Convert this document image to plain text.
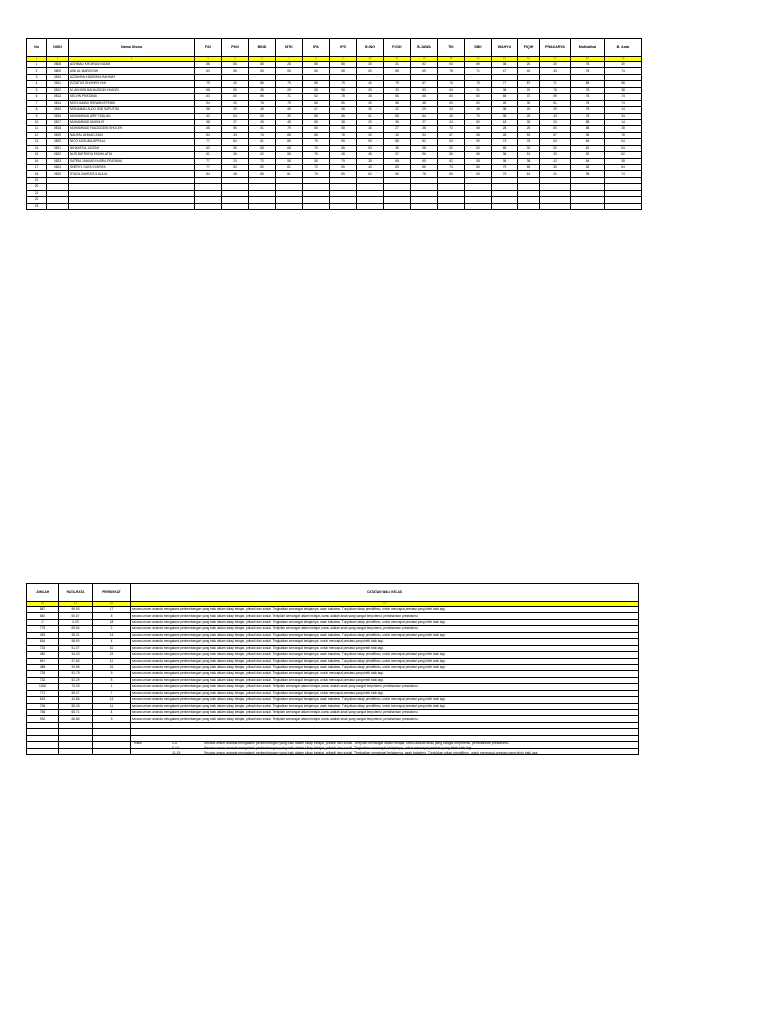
No	NISN	Nama Siswa	PAI	PKN	BIND	MTK	IPA	IPS	B.ING	PJOK	B.JAWA	TIK	SBK	WAHYU	FIQIH	PRAKARYA	Muthalikal	B. Arab
1	2	3	4	5	6	7	8	9	10	11	12	13	14	15	16	17	18	19
1	0808	ACHMAD KHOIRUN NIZAM	88	80	85	28	58	88	30	31	52	63	69	38	20	30	78	30
2	0809	AINI AL MARDIYAH	63	56	55	55	66	58	60	68	65	78	71	47	40	43	78	74
3	0810	AZZAHRA KINURAYA RAHMAT																
4	0811	EZZATUS SHOHRIYYAH	79	40	86	79	88	79	40	79	67	74	70	77	87	71	88	88
5	0812	M. AKHSIN BAHAUDDIN KHADRI	68	50	35	28	58	58	30	33	53	54	31	38	20	76	78	38
6	0813	KELVIN PRATAMA	63	60	56	71	52	78	30	66	68	60	60	58	37	59	78	74
7	0814	MOCHAMAD RIDWAN EFENDI	54	40	76	79	66	55	40	58	48	63	60	28	30	61	78	74
8	0815	MOHAMAD ALDO DWI SAPUTRA	58	29	45	45	47	38	30	32	29	24	38	38	20	29	78	14
9	0816	MUHAMMAD ARIF FADLAN	42	64	50	39	58	68	41	68	64	40	70	38	25	43	78	34
10	0817	MUHAMMAD MUKHLIS	58	27	45	48	58	38	20	36	27	24	60	18	30	20	88	14
11	0818	MUHAMMAD FAUZUDDIN SHOLEH	68	56	51	79	55	58	40	27	38	70	68	28	25	50	88	28
12	0819	NAUFAL AHMAD ZAIN	84	33	76	88	58	78	40	30	54	67	58	28	52	67	98	78
13	0820	NICO KUSUMA APRILIA	77	84	81	88	79	55	50	88	82	63	90	73	78	63	84	64
14	0821	NIHAYATUL AZIZAH	63	56	68	68	75	68	53	38	58	52	60	68	32	52	82	64
15	0822	NUR BATRISYA FADHILATIN	61	36	62	58	75	48	45	37	56	55	56	38	51	33	82	62
16	0823	SATRIA JANUARI INDRA PRATAMA	77	20	72	58	58	79	35	68	65	62	58	38	38	42	84	38
17	0824	SHERYL DAYA SYARIFA	77	84	80	81	72	55	40	85	86	74	86	79	55	30	84	64
18	0825	SYAZA ZAHRATUL AULIA	84	48	85	81	75	85	62	56	78	69	60	79	61	41	98	74
19																		
20																		
21																		
22																		
23																		
JUMLAH	RATA-RATA	PERINGKAT	CATATAN WALI KELAS
20	21	22	23
887	55.93	17	secara umum ananda mengalami perkembangan yang baik dalam sikap belajar, pribadi dan sosial. Tingkatkan semangat belajarnya, asah bakatmu. Tunjukkan sikap prestifitmu, untuk mencapai prestasi yang lebih baik lagi.
840	60.57	5	secara umum ananda mengalami perkembangan yang baik dalam sikap belajar, pribadi dan sosial. Terlipilah semangat dalam belajar, kamu adalah anak yang sangat berpotensi, pertahankan prestasimu.
0	0.00	18	secara umum ananda mengalami perkembangan yang baik dalam sikap belajar, pribadi dan sosial. Tingkatkan semangat belajarnya, asah bakatmu. Tunjukkan sikap prestifitmu, untuk mencapai prestasi yang lebih baik lagi.
775	69.64	2	secara umum ananda mengalami perkembangan yang baik dalam sikap belajar, pribadi dan sosial. Terlipilah semangat dalam belajar, kamu adalah anak yang sangat berpotensi, pertahankan prestasimu.
493	35.21	14	secara umum ananda mengalami perkembangan yang baik dalam sikap belajar, pribadi dan sosial. Tingkatkan semangat belajarnya, asah bakatmu. Tunjukkan sikap prestifitmu, untuk mencapai prestasi yang lebih baik lagi.
816	58.50	4	secara umum ananda mengalami perkembangan yang baik dalam sikap belajar, pribadi dan sosial. Tingkatkan semangat belajarnya, untuk mencapai prestasi yang lebih baik lagi.
715	51.07	10	secara umum ananda mengalami perkembangan yang baik dalam sikap belajar, pribadi dan sosial. Tingkatkan semangat belajarnya, untuk mencapai prestasi yang lebih baik lagi.
482	34.43	15	secara umum ananda mengalami perkembangan yang baik dalam sikap belajar, pribadi dan sosial. Tingkatkan semangat belajarnya, asah bakatmu. Tunjukkan sikap prestifitmu, untuk mencapai prestasi yang lebih baik lagi.
667	47.64	12	secara umum ananda mengalami perkembangan yang baik dalam sikap belajar, pribadi dan sosial. Tingkatkan semangat belajarnya, asah bakatmu. Tunjukkan sikap prestifitmu, untuk mencapai prestasi yang lebih baik lagi.
488	34.86	16	secara umum ananda mengalami perkembangan yang baik dalam sikap belajar, pribadi dan sosial. Tingkatkan semangat belajarnya, asah bakatmu. Tunjukkan sikap prestifitmu, untuk mencapai prestasi yang lebih baik lagi.
725	51.79	9	secara umum ananda mengalami perkembangan yang baik dalam sikap belajar, pribadi dan sosial. Tingkatkan semangat belajarnya, untuk mencapai prestasi yang lebih baik lagi.
732	52.29	8	secara umum ananda mengalami perkembangan yang baik dalam sikap belajar, pribadi dan sosial. Tingkatkan semangat belajarnya, untuk mencapai prestasi yang lebih baik lagi.
1026	73.29	1	secara umum ananda mengalami perkembangan yang baik dalam sikap belajar, pribadi dan sosial. Terlipilah semangat dalam belajar, kamu adalah anak yang sangat berpotensi, pertahankan prestasimu.
771	55.07	7	secara umum ananda mengalami perkembangan yang baik dalam sikap belajar, pribadi dan sosial. Tingkatkan semangat belajarnya, untuk mencapai prestasi yang lebih baik lagi.
619	44.86	13	secara umum ananda mengalami perkembangan yang baik dalam sikap belajar, pribadi dan sosial. Tingkatkan semangat belajarnya, asah bakatmu. Tunjukkan sikap prestifitmu, untuk mencapai prestasi yang lebih baik lagi.
706	50.43	11	secara umum ananda mengalami perkembangan yang baik dalam sikap belajar, pribadi dan sosial. Tingkatkan semangat belajarnya, asah bakatmu. Tunjukkan sikap prestifitmu, untuk mencapai prestasi yang lebih baik lagi.
768	65.71	4	secara umum ananda mengalami perkembangan yang baik dalam sikap belajar, pribadi dan sosial. Terlipilah semangat dalam belajar, kamu adalah anak yang sangat berpotensi, pertahankan prestasimu.
932	66.86	3	secara umum ananda mengalami perkembangan yang baik dalam sikap belajar, pribadi dan sosial. Terlipilah semangat dalam belajar, kamu adalah anak yang sangat berpotensi, pertahankan prestasimu.

Rank	1-5	Secara umum ananda mengalami perkembangan yang baik dalam sikap belajar, pribadi dan sosial. Terlipilah semangat dalam belajar, kamu adalah anak yang sangat berpotensi, pertahankan prestasimu.
6-10	Secara umum ananda mengalami perkembangan yang baik dalam sikap belajar, pribadi dan sosial. Tingkatkan semangat belajarnya, untuk mencapai prestasi yang lebih baik lagi.
11-15	Secara umum ananda mengalami perkembangan yang baik dalam sikap belajar, pribadi dan sosial. Tingkatkan semangat belajarnya, asah bakatmu. Tunjukkan sikap prestifitmu, untuk mencapai prestasi yang lebih baik lagi.
